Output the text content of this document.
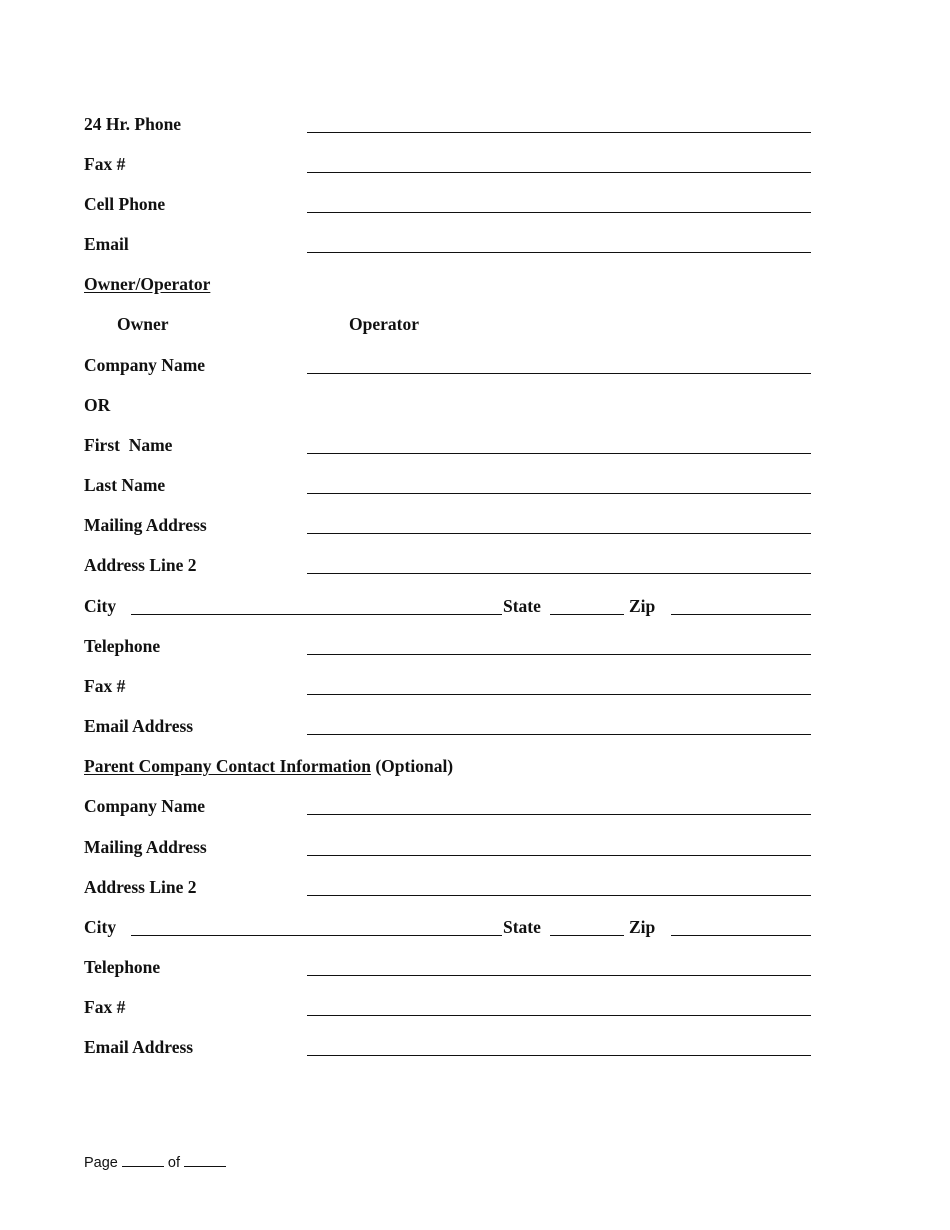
24 Hr. Phone
Fax #
Cell Phone
Email
Owner/Operator
Owner	Operator
Company Name
OR
First  Name
Last Name
Mailing Address
Address Line 2
City	State	Zip
Telephone
Fax #
Email Address
Parent Company Contact Information (Optional)
Company Name
Mailing Address
Address Line 2
City	State	Zip
Telephone
Fax #
Email Address
Page	of
